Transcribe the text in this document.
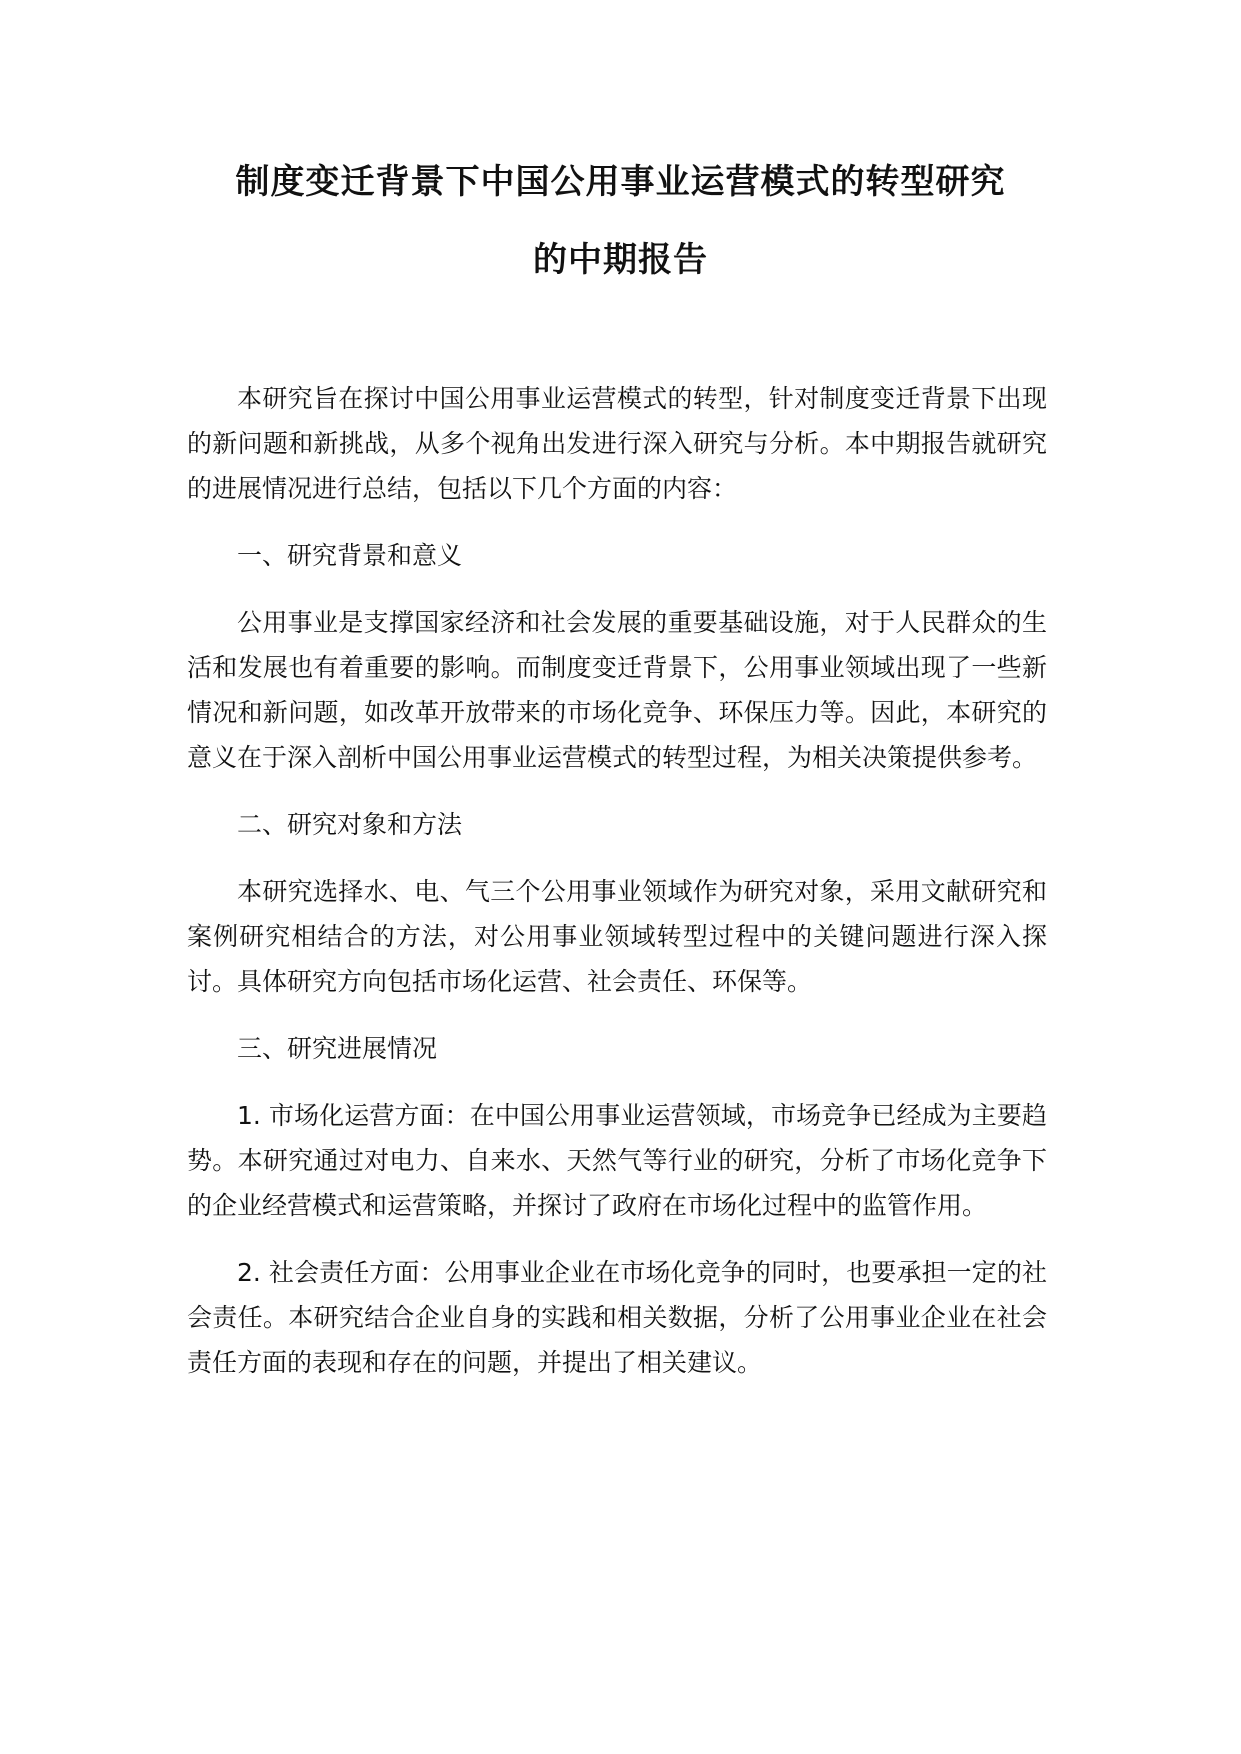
制度变迁背景下中国公用事业运营模式的转型研究
的中期报告

本研究旨在探讨中国公用事业运营模式的转型，针对制度变迁背景下出现的新问题和新挑战，从多个视角出发进行深入研究与分析。本中期报告就研究的进展情况进行总结，包括以下几个方面的内容：

一、研究背景和意义

公用事业是支撑国家经济和社会发展的重要基础设施，对于人民群众的生活和发展也有着重要的影响。而制度变迁背景下，公用事业领域出现了一些新情况和新问题，如改革开放带来的市场化竞争、环保压力等。因此，本研究的意义在于深入剖析中国公用事业运营模式的转型过程，为相关决策提供参考。

二、研究对象和方法

本研究选择水、电、气三个公用事业领域作为研究对象，采用文献研究和案例研究相结合的方法，对公用事业领域转型过程中的关键问题进行深入探讨。具体研究方向包括市场化运营、社会责任、环保等。

三、研究进展情况

1. 市场化运营方面：在中国公用事业运营领域，市场竞争已经成为主要趋势。本研究通过对电力、自来水、天然气等行业的研究，分析了市场化竞争下的企业经营模式和运营策略，并探讨了政府在市场化过程中的监管作用。

2. 社会责任方面：公用事业企业在市场化竞争的同时，也要承担一定的社会责任。本研究结合企业自身的实践和相关数据，分析了公用事业企业在社会责任方面的表现和存在的问题，并提出了相关建议。
